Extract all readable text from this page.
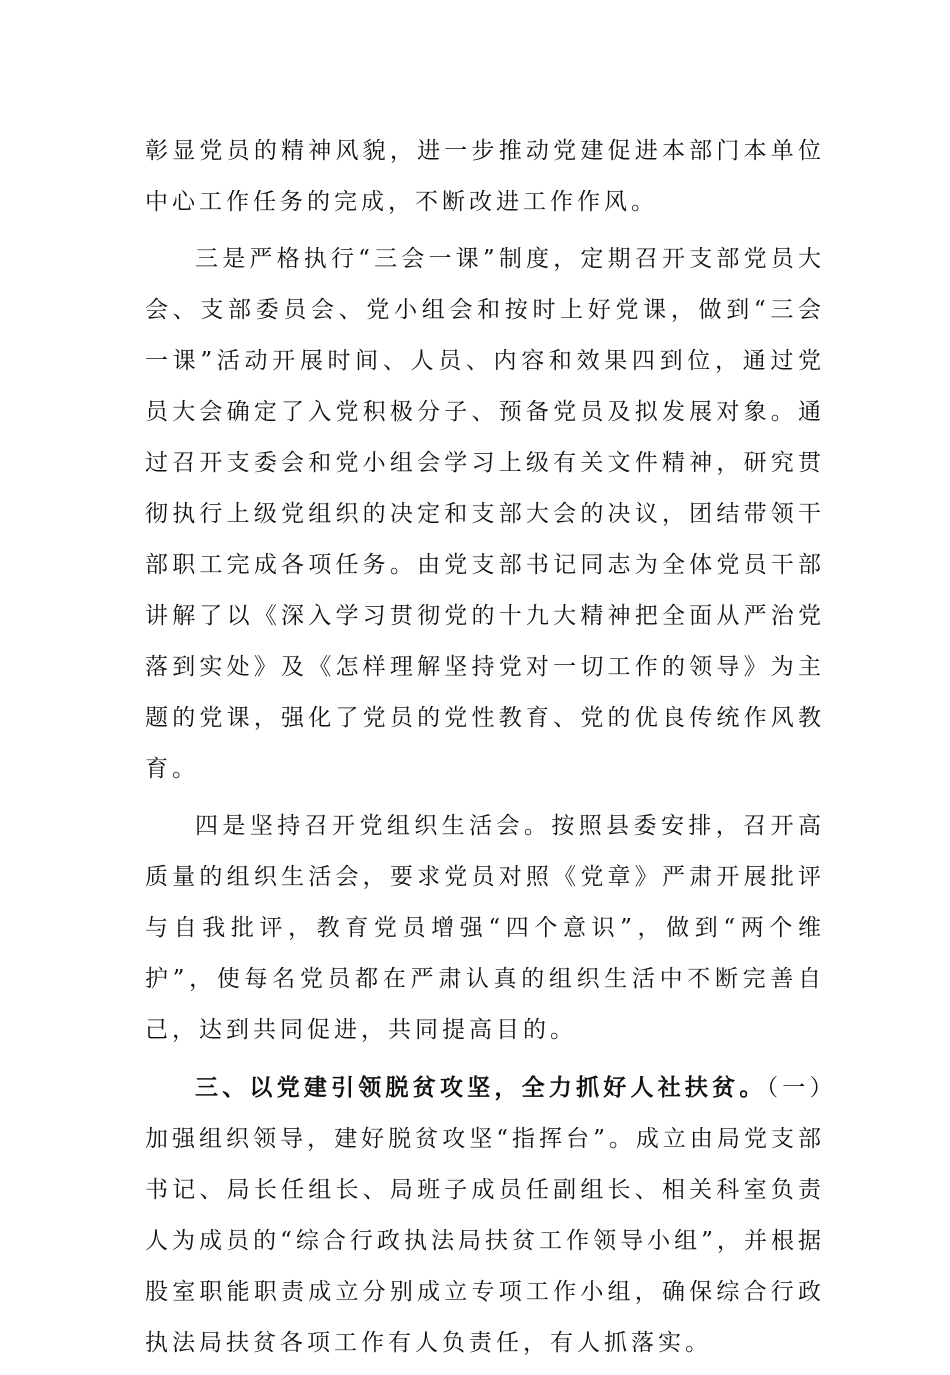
彰显党员的精神风貌，进一步推动党建促进本部门本单位中心工作任务的完成，不断改进工作作风。

三是严格执行“三会一课”制度，定期召开支部党员大会、支部委员会、党小组会和按时上好党课，做到“三会一课”活动开展时间、人员、内容和效果四到位，通过党员大会确定了入党积极分子、预备党员及拟发展对象。通过召开支委会和党小组会学习上级有关文件精神，研究贯彻执行上级党组织的决定和支部大会的决议，团结带领干部职工完成各项任务。由党支部书记同志为全体党员干部讲解了以《深入学习贯彻党的十九大精神把全面从严治党落到实处》及《怎样理解坚持党对一切工作的领导》为主题的党课，强化了党员的党性教育、党的优良传统作风教育。

四是坚持召开党组织生活会。按照县委安排，召开高质量的组织生活会，要求党员对照《党章》严肃开展批评与自我批评，教育党员增强“四个意识”，做到“两个维护”，使每名党员都在严肃认真的组织生活中不断完善自己，达到共同促进，共同提高目的。

三、以党建引领脱贫攻坚，全力抓好人社扶贫。（一）加强组织领导，建好脱贫攻坚“指挥台”。成立由局党支部书记、局长任组长、局班子成员任副组长、相关科室负责人为成员的“综合行政执法局扶贫工作领导小组”，并根据股室职能职责成立分别成立专项工作小组，确保综合行政执法局扶贫各项工作有人负责任，有人抓落实。
